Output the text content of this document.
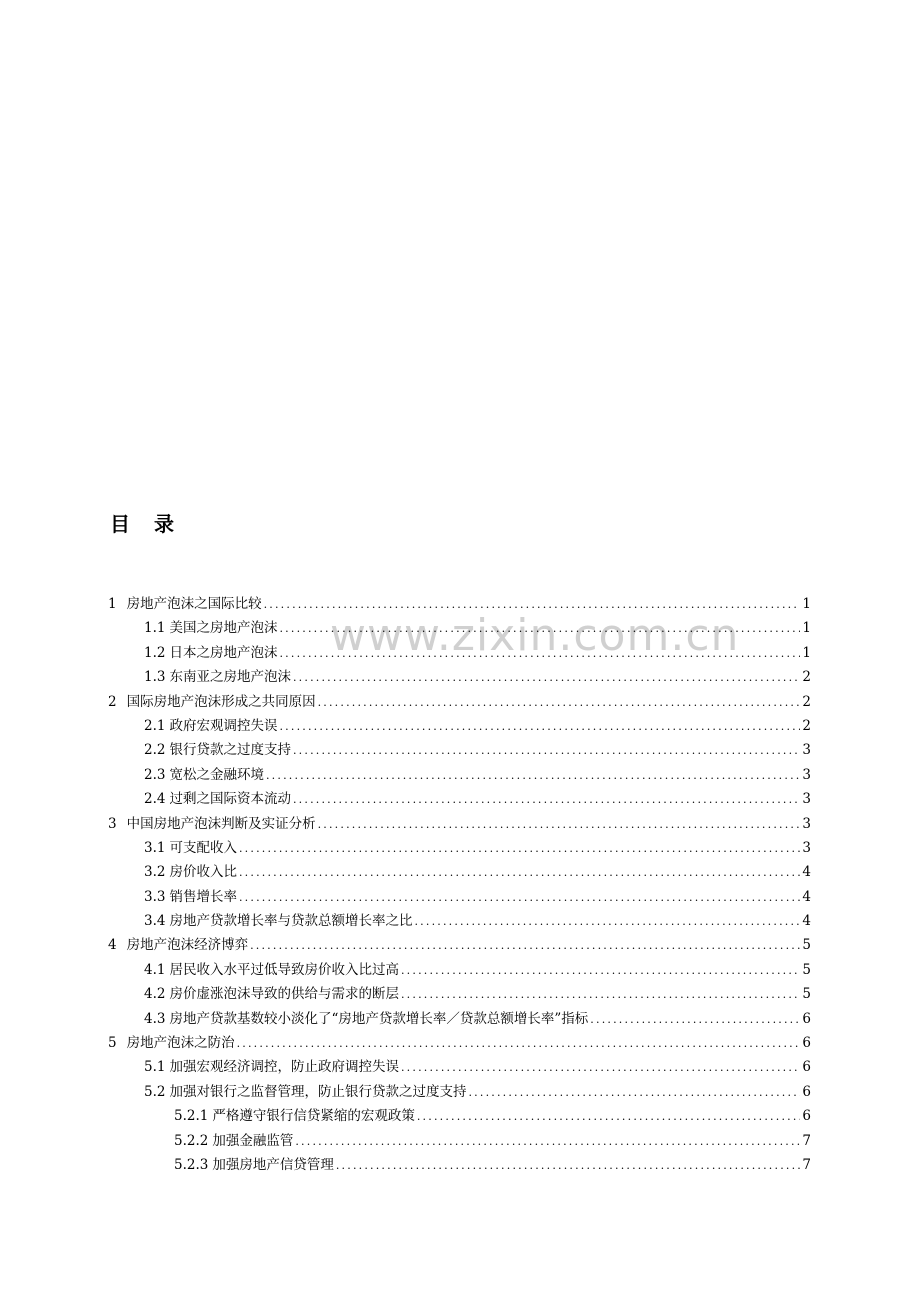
www.zixin.com.cn
目　录
1 房地产泡沫之国际比较 .....	1
1.1 美国之房地产泡沫 .....	1
1.2 日本之房地产泡沫 .....	1
1.3 东南亚之房地产泡沫 .....	2
2 国际房地产泡沫形成之共同原因 .....	2
2.1 政府宏观调控失误 .....	2
2.2 银行贷款之过度支持 .....	3
2.3 宽松之金融环境 .....	3
2.4 过剩之国际资本流动 .....	3
3 中国房地产泡沫判断及实证分析 .....	3
3.1 可支配收入 .....	3
3.2 房价收入比 .....	4
3.3 销售增长率 .....	4
3.4 房地产贷款增长率与贷款总额增长率之比 .....	4
4 房地产泡沫经济博弈 .....	5
4.1 居民收入水平过低导致房价收入比过高 .....	5
4.2 房价虚涨泡沫导致的供给与需求的断层 .....	5
4.3 房地产贷款基数较小淡化了“房地产贷款增长率／贷款总额增长率”指标 .....	6
5 房地产泡沫之防治 .....	6
5.1 加强宏观经济调控，防止政府调控失误 .....	6
5.2 加强对银行之监督管理，防止银行贷款之过度支持 .....	6
5.2.1 严格遵守银行信贷紧缩的宏观政策 .....	6
5.2.2 加强金融监管 .....	7
5.2.3 加强房地产信贷管理 .....	7
